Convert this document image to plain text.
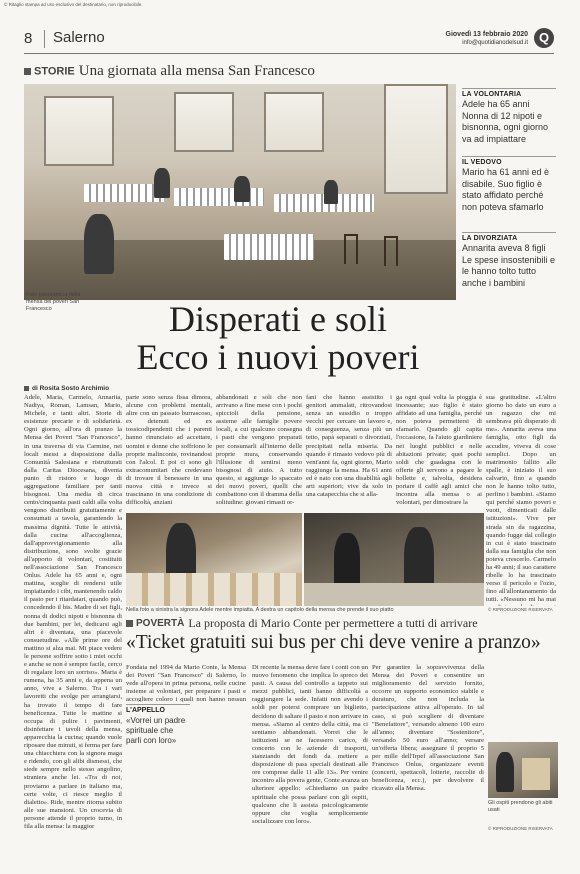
© Ritaglio stampa ad uso esclusivo del destinatario, non riproducibile.
8	Salerno	Giovedì 13 febbraio 2020
info@quotidianodelsud.it Q
STORIE Una giornata alla mensa San Francesco
Foto panoramica della mensa dei poveri San Francesco
LA VOLONTARIA
Adele ha 65 anni Nonna di 12 nipoti e bisnonna, ogni giorno va ad impiattare
IL VEDOVO
Mario ha 61 anni ed è disabile. Suo figlio è stato affidato perché non poteva sfamarlo
LA DIVORZIATA
Annarita aveva 8 figli Le spese insostenibili e le hanno tolto tutto anche i bambini
Disperati e soli
Ecco i nuovi poveri
di Rosita Sosto Archimio

Adele, Maria, Carmelo, Annarita, Nadiya, Roman, Lamsan, Mario, Michele, e tanti altri. Storie di esistenze precarie e di solidarietà. Ogni giorno, all'ora di pranzo la Mensa dei Poveri "San Francesco", in una traversa di via Carmine, nei locali messi a disposizione dalla Comunità Salesiana e ristrutturati dalla Caritas Diocesana, diventa punto di ristoro e luogo di aggregazione familiare per tanti bisognosi. Una media di circa cento/cinquanta pasti caldi alla volta vengono distribuiti gratuitamente e consumati a tavola, garantendo la massima dignità. Tutte le attività, dalla cucina all'accoglienza, dall'approvvigionamento alla distribuzione, sono svolte grazie all'apporto di volontari, costituiti nell'associazione San Francesco Onlus. Adele ha 65 anni e, ogni mattina, sceglie di rendersi utile impiattando i cibi, mantenendo caldo il pasto per i ritardatari, quando può, concedendo il bis. Madre di sei figli, nonna di dodici nipoti e bisnonna di due bambini, per lei, dedicarsi agli altri è diventata, una piacevole consuetudine. «Alle prime ore del mattino si alza mai. Mi piace vedere le persone soffrire sotto i miei occhi e anche se non è sempre facile, cerco di regalare loro un sorriso». Maria è rumena, ha 35 anni e, da appena un anno, vive a Salerno. Tra i vari lavoretti che svolge per arrangiarsi, ha trovato il tempo di fare beneficenza. Tutte le mattine si occupa di pulire i pavimenti, disinfettare i tavoli della mensa, apparecchia la cucina; quando vuole riposare due minuti, si ferma per fare una chiacchiera con la signora maga e ridendo, con gli alibi dismessi, che siede sempre nello stesso angolino, straniera anche lei. «Tra di noi, proviamo a parlare in italiano ma, certe volte, ci riesce meglio il dialetto». Ride, mentre ritorna subito alle sue mansioni. Un crocevia di persone attende il proprio turno, in fila alla mensa: la maggior

parte sono senza fissa dimora, alcune con problemi mentali, altre con un passato burrascoso, ex detenuti ed ex tossicodipendenti che i parenti hanno rinunciato ad accettare, uomini e donne che soffriono le proprie malinconie, rovinandosi con l'alcol. E poi ci sono gli extracomunitari che credevano di trovare il benessere in una nuova città e invece si trascinano in una condizione di difficoltà, anziani

abbandonati e soli che non arrivano a fine mese con i pochi spiccioli della pensione, assieme alle famiglie povere locali, a cui qualcuno consegna i pasti che vengono preparati per consumarli all'interno delle proprie mura, conservando l'illusione di sentirsi meno bisognosi di aiuto. A tutto questo, si aggiunge lo spaccato dei nuovi poveri, quelli che combattono con il dramma della solitudine: giovani rimasti or-

fani che hanno assistito i genitori ammalati, ritrovandosi senza un sussidio o troppo vecchi per cercare un lavoro e, di conseguenza, senza più un tetto, papà separati o divorziati, precipitati nella miseria. Da quando è rimasto vedovo più di vent'anni fa, ogni giorno, Mario raggiunge la mensa. Ha 61 anni ed è nato con una disabilità agli arti superiori; vive da solo in una catapecchia che si alla-

ga ogni qual volta la pioggia è incessante; suo figlio è stato affidato ad una famiglia, perché non poteva permettersi di sfamarlo. Quando gli capita l'occasione, fa l'aiuto giardiniere nei luoghi pubblici e nelle abitazioni private; quei pochi soldi che guadagna con le offerte gli servono a pagare le bollette e, talvolta, desidera portare il caffè agli amici che incontra alla mensa o ai volontari, per dimostrare la

sua gratitudine. «L'altro giorno ho dato un euro a un ragazzo che mi sembrava più disperato di me». Annarita aveva una famiglia, otto figli da accudire, viveva di cose semplici. Dopo un matrimonio fallito alle spalle, è iniziato il suo calvario, fino a quando non le hanno tolto tutto, perfino i bambini. «Siamo qui perché siamo poveri e vuoti, dimenticati dalle istituzioni». Vive per strada sin da ragazzina, quando fugge dal collegio in cui è stato trascinato dalla sua famiglia che non poteva crescerlo. Carmelo ha 49 anni; il suo carattere ribelle lo ha trascinato verso il pericolo e l'ozio, fino all'allontanamento da tutti. «Nessuno mi ha mai

Nella foto a sinistra la signora Adele mentre impiatta. A destra un capitolo della mensa che prende il suo piatto	© RIPRODUZIONE RISERVATA
POVERTÀ La proposta di Mario Conte per permettere a tutti di arrivare
«Ticket gratuiti sui bus per chi deve venire a pranzo»

Fondata nel 1994 da Mario Conte, la Mensa dei Poveri "San Francesco" di Salerno, lo vede all'opera in prima persona, nelle cucine insieme ai volontari, per preparare i pasti e accogliere coloro i quali non hanno nessun

L'APPELLO
«Vorrei un padre spirituale che parli con loro»

Di recente la mensa deve fare i conti con un nuovo fenomeno che implica lo spreco dei pasti. A causa del controllo a tappeto sui mezzi pubblici, tanti hanno difficoltà a raggiungere la sede. Infatti non avendo i soldi per potersi comprare un biglietto, decidono di saltare il pasto e non arrivare in mensa. «Siamo al centro della città, ma ci sentiamo abbandonati. Vorrei che le istituzioni se ne facessero carico, di concerto con le aziende di trasporti, stanziando dei fondi da mettere a disposizione di pass speciali destinati alle ore comprese dalle 11 alle 13». Per venire incontro alla povera gente, Conte avanza un ulteriore appello: «Chiediamo un padre spirituale che possa parlare con gli ospiti, qualcuno che li assista psicologicamente oppure che voglia semplicemente socializzare con loro».

Per garantire la sopravvivenza della Mensa dei Poveri e consentire un miglioramento del servizio fornito, occorre un supporto economico stabile e duraturo, che non includa la partecipazione attiva all'operato. In tal caso, si può scegliere di diventare "Benefattore", versando almeno 100 euro all'anno; diventare "Sostenitore", versando 50 euro all'anno; versare un'offerta libera; assegnare il proprio 5 per mille dell'Irpef all'associazione San Francesco Onlus, organizzare eventi (concerti, spettacoli, lotterie, raccolte di beneficenza, ecc.), per devolvere il ricavato alla Mensa.

Gli ospiti prendono gli abiti usati
© RIPRODUZIONE RISERVATA
